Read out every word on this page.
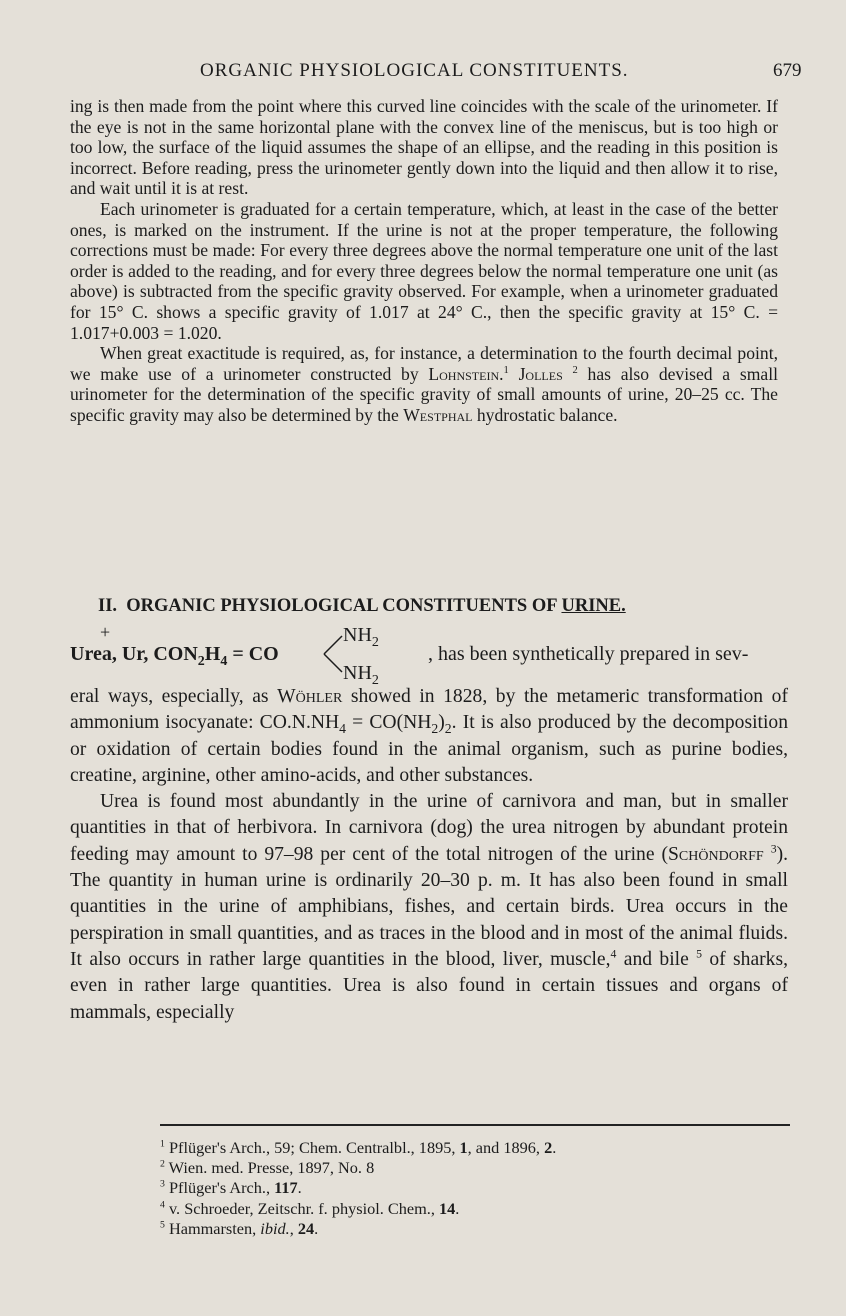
ORGANIC PHYSIOLOGICAL CONSTITUENTS.	679

ing is then made from the point where this curved line coincides with the scale of the urinometer. If the eye is not in the same horizontal plane with the convex line of the meniscus, but is too high or too low, the surface of the liquid assumes the shape of an ellipse, and the reading in this position is incorrect. Before reading, press the urinometer gently down into the liquid and then allow it to rise, and wait until it is at rest.

Each urinometer is graduated for a certain temperature, which, at least in the case of the better ones, is marked on the instrument. If the urine is not at the proper temperature, the following corrections must be made: For every three degrees above the normal temperature one unit of the last order is added to the reading, and for every three degrees below the normal temperature one unit (as above) is subtracted from the specific gravity observed. For example, when a urinometer graduated for 15° C. shows a specific gravity of 1.017 at 24° C., then the specific gravity at 15° C. = 1.017+0.003 = 1.020.

When great exactitude is required, as, for instance, a determination to the fourth decimal point, we make use of a urinometer constructed by Lohnstein.$^1$ Jolles $^2$ has also devised a small urinometer for the determination of the specific gravity of small amounts of urine, 20–25 cc. The specific gravity may also be determined by the Westphal hydrostatic balance.

II. ORGANIC PHYSIOLOGICAL CONSTITUENTS OF URINE.
+	$NH_2$
Urea, Ur, $CON_2H_4$ = CO	, has been synthetically prepared in sev-
$NH_2$

eral ways, especially, as Wöhler showed in 1828, by the metameric transformation of ammonium isocyanate: $CO.N.NH_4 = CO(NH_2)_2$. It is also produced by the decomposition or oxidation of certain bodies found in the animal organism, such as purine bodies, creatine, arginine, other amino-acids, and other substances.

Urea is found most abundantly in the urine of carnivora and man, but in smaller quantities in that of herbivora. In carnivora (dog) the urea nitrogen by abundant protein feeding may amount to 97–98 per cent of the total nitrogen of the urine (Schöndorff $^3$). The quantity in human urine is ordinarily 20–30 p. m. It has also been found in small quantities in the urine of amphibians, fishes, and certain birds. Urea occurs in the perspiration in small quantities, and as traces in the blood and in most of the animal fluids. It also occurs in rather large quantities in the blood, liver, muscle,$^4$ and bile $^5$ of sharks, even in rather large quantities. Urea is also found in certain tissues and organs of mammals, especially

$^1$ Pflüger's Arch., 59; Chem. Centralbl., 1895, 1, and 1896, 2.
$^2$ Wien. med. Presse, 1897, No. 8
$^3$ Pflüger's Arch., 117.
$^4$ v. Schroeder, Zeitschr. f. physiol. Chem., 14.
$^5$ Hammarsten, ibid., 24.
